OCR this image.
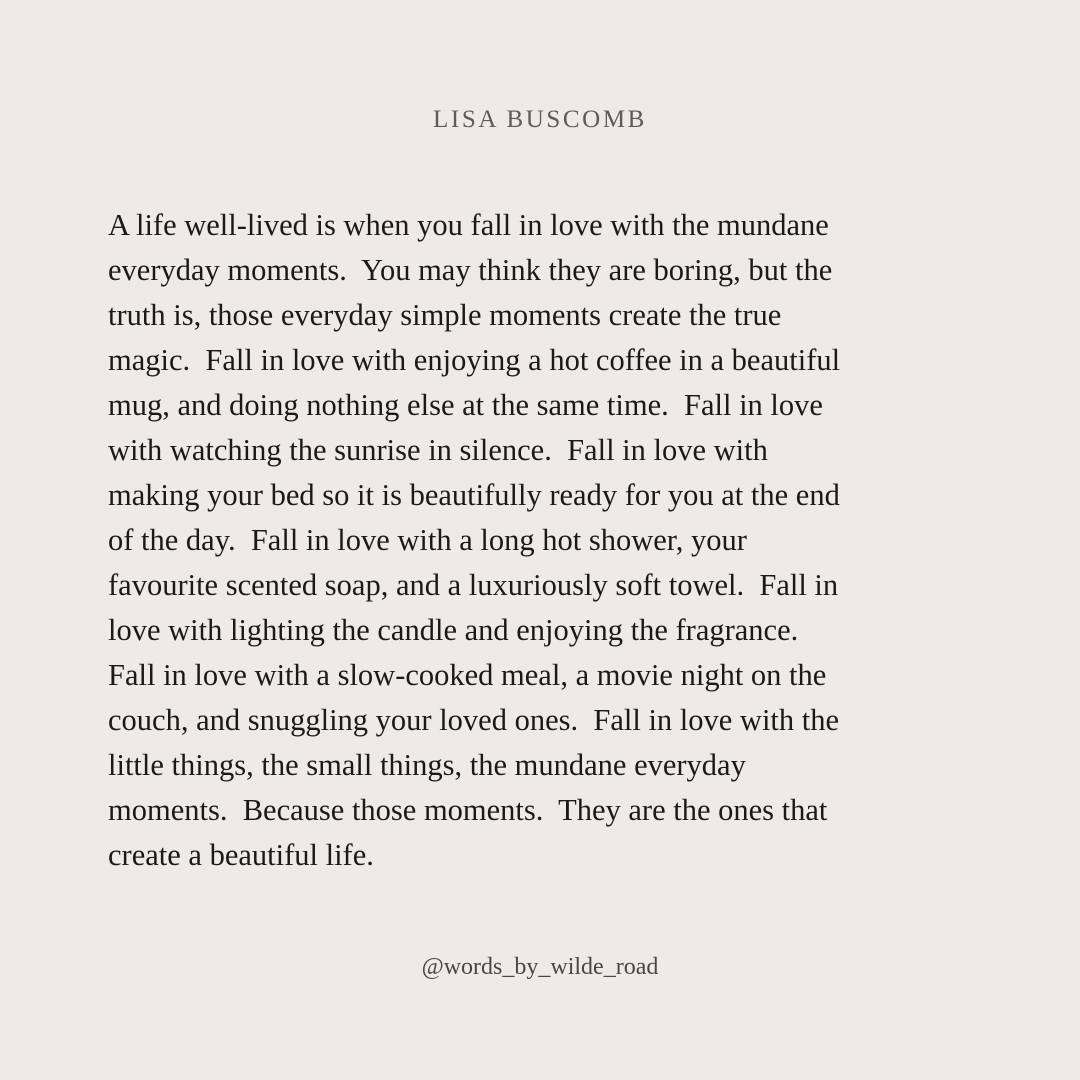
LISA BUSCOMB
A life well-lived is when you fall in love with the mundane
everyday moments.  You may think they are boring, but the
truth is, those everyday simple moments create the true
magic.  Fall in love with enjoying a hot coffee in a beautiful
mug, and doing nothing else at the same time.  Fall in love
with watching the sunrise in silence.  Fall in love with
making your bed so it is beautifully ready for you at the end
of the day.  Fall in love with a long hot shower, your
favourite scented soap, and a luxuriously soft towel.  Fall in
love with lighting the candle and enjoying the fragrance.
Fall in love with a slow-cooked meal, a movie night on the
couch, and snuggling your loved ones.  Fall in love with the
little things, the small things, the mundane everyday
moments.  Because those moments.  They are the ones that
create a beautiful life.
@words_by_wilde_road
